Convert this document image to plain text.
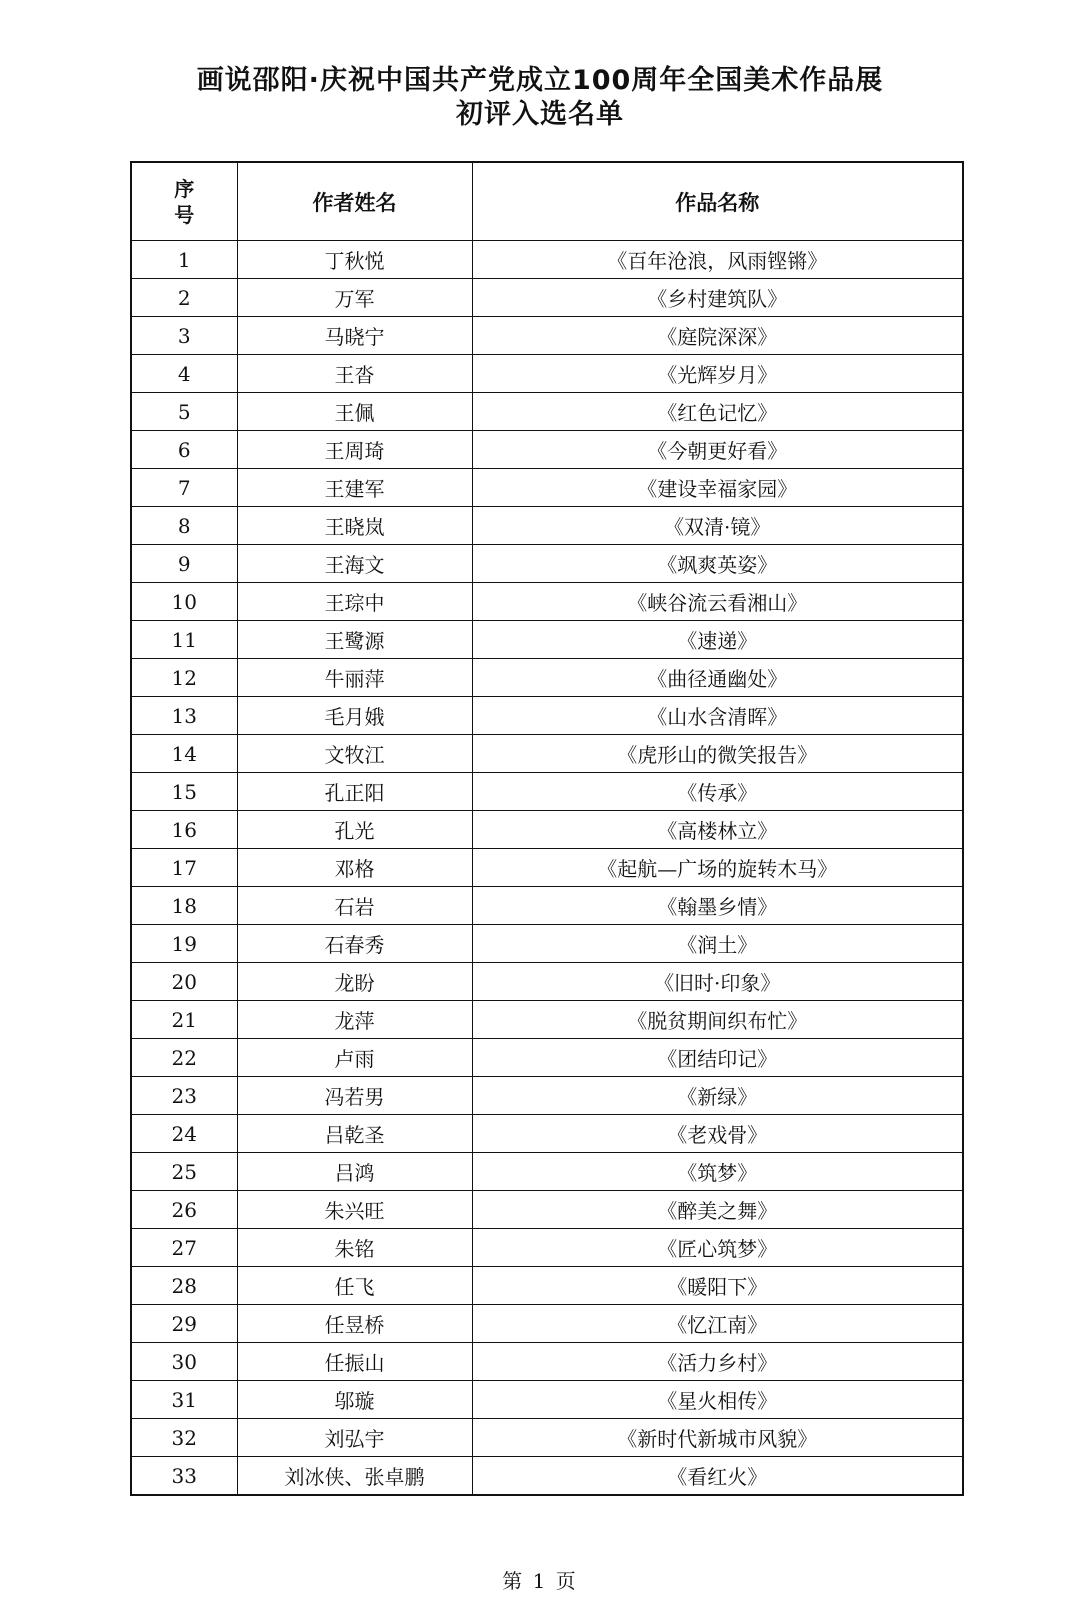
画说邵阳·庆祝中国共产党成立100周年全国美术作品展
初评入选名单
序
号	作者姓名	作品名称
1	丁秋悦	《百年沧浪，风雨铿锵》
2	万军	《乡村建筑队》
3	马晓宁	《庭院深深》
4	王沓	《光辉岁月》
5	王佩	《红色记忆》
6	王周琦	《今朝更好看》
7	王建军	《建设幸福家园》
8	王晓岚	《双清·镜》
9	王海文	《飒爽英姿》
10	王琮中	《峡谷流云看湘山》
11	王鹭源	《速递》
12	牛丽萍	《曲径通幽处》
13	毛月娥	《山水含清晖》
14	文牧江	《虎形山的微笑报告》
15	孔正阳	《传承》
16	孔光	《高楼林立》
17	邓格	《起航—广场的旋转木马》
18	石岩	《翰墨乡情》
19	石春秀	《润土》
20	龙盼	《旧时·印象》
21	龙萍	《脱贫期间织布忙》
22	卢雨	《团结印记》
23	冯若男	《新绿》
24	吕乾圣	《老戏骨》
25	吕鸿	《筑梦》
26	朱兴旺	《醉美之舞》
27	朱铭	《匠心筑梦》
28	任飞	《暖阳下》
29	任昱桥	《忆江南》
30	任振山	《活力乡村》
31	邬璇	《星火相传》
32	刘弘宇	《新时代新城市风貌》
33	刘冰侠、张卓鹏	《看红火》
第 1 页
